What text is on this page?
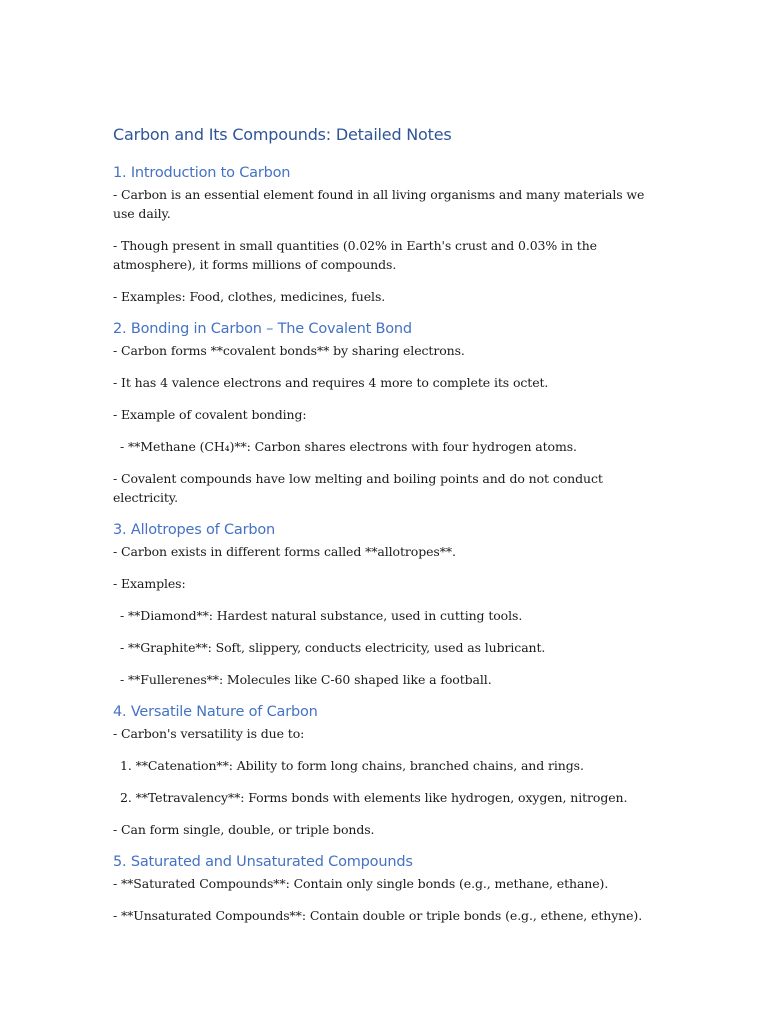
Carbon and Its Compounds: Detailed Notes
1. Introduction to Carbon

- Carbon is an essential element found in all living organisms and many materials we use daily.

- Though present in small quantities (0.02% in Earth's crust and 0.03% in the atmosphere), it forms millions of compounds.

- Examples: Food, clothes, medicines, fuels.

2. Bonding in Carbon – The Covalent Bond

- Carbon forms **covalent bonds** by sharing electrons.

- It has 4 valence electrons and requires 4 more to complete its octet.

- Example of covalent bonding:

- **Methane (CH₄)**: Carbon shares electrons with four hydrogen atoms.

- Covalent compounds have low melting and boiling points and do not conduct electricity.

3. Allotropes of Carbon

- Carbon exists in different forms called **allotropes**.

- Examples:

- **Diamond**: Hardest natural substance, used in cutting tools.

- **Graphite**: Soft, slippery, conducts electricity, used as lubricant.

- **Fullerenes**: Molecules like C-60 shaped like a football.

4. Versatile Nature of Carbon

- Carbon's versatility is due to:

1. **Catenation**: Ability to form long chains, branched chains, and rings.

2. **Tetravalency**: Forms bonds with elements like hydrogen, oxygen, nitrogen.

- Can form single, double, or triple bonds.

5. Saturated and Unsaturated Compounds

- **Saturated Compounds**: Contain only single bonds (e.g., methane, ethane).

- **Unsaturated Compounds**: Contain double or triple bonds (e.g., ethene, ethyne).
